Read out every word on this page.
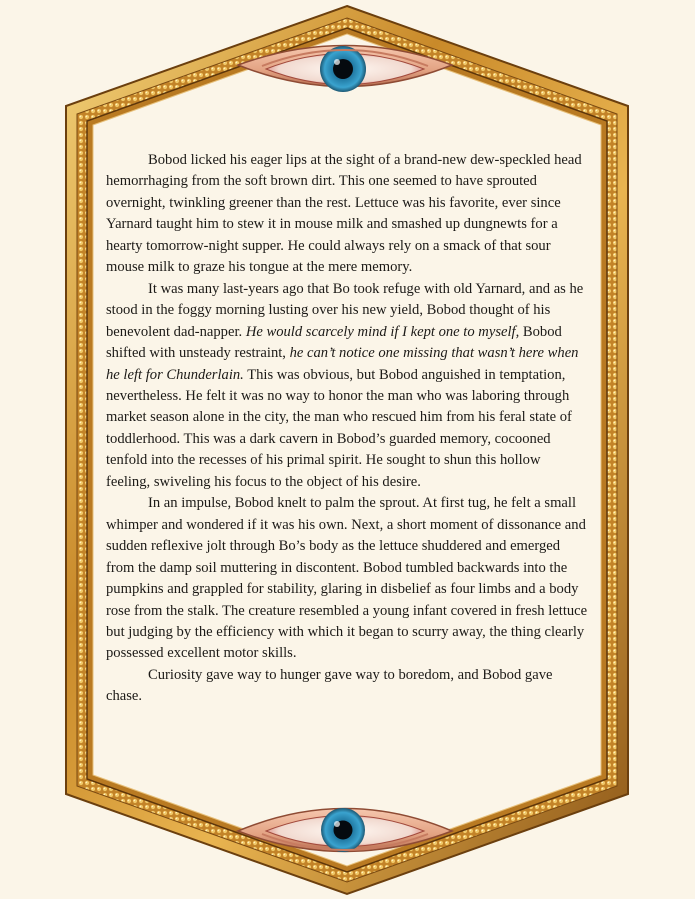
Bobod licked his eager lips at the sight of a brand-new dew-speckled head hemorrhaging from the soft brown dirt. This one seemed to have sprouted overnight, twinkling greener than the rest. Lettuce was his favorite, ever since Yarnard taught him to stew it in mouse milk and smashed up dungnewts for a hearty tomorrow-night supper. He could always rely on a smack of that sour mouse milk to graze his tongue at the mere memory.

It was many last-years ago that Bo took refuge with old Yarnard, and as he stood in the foggy morning lusting over his new yield, Bobod thought of his benevolent dad-napper. He would scarcely mind if I kept one to myself, Bobod shifted with unsteady restraint, he can’t notice one missing that wasn’t here when he left for Chunderlain. This was obvious, but Bobod anguished in temptation, nevertheless. He felt it was no way to honor the man who was laboring through market season alone in the city, the man who rescued him from his feral state of toddlerhood. This was a dark cavern in Bobod’s guarded memory, cocooned tenfold into the recesses of his primal spirit. He sought to shun this hollow feeling, swiveling his focus to the object of his desire.

In an impulse, Bobod knelt to palm the sprout. At first tug, he felt a small whimper and wondered if it was his own. Next, a short moment of dissonance and sudden reflexive jolt through Bo’s body as the lettuce shuddered and emerged from the damp soil muttering in discontent. Bobod tumbled backwards into the pumpkins and grappled for stability, glaring in disbelief as four limbs and a body rose from the stalk. The creature resembled a young infant covered in fresh lettuce but judging by the efficiency with which it began to scurry away, the thing clearly possessed excellent motor skills.

Curiosity gave way to hunger gave way to boredom, and Bobod gave chase.
